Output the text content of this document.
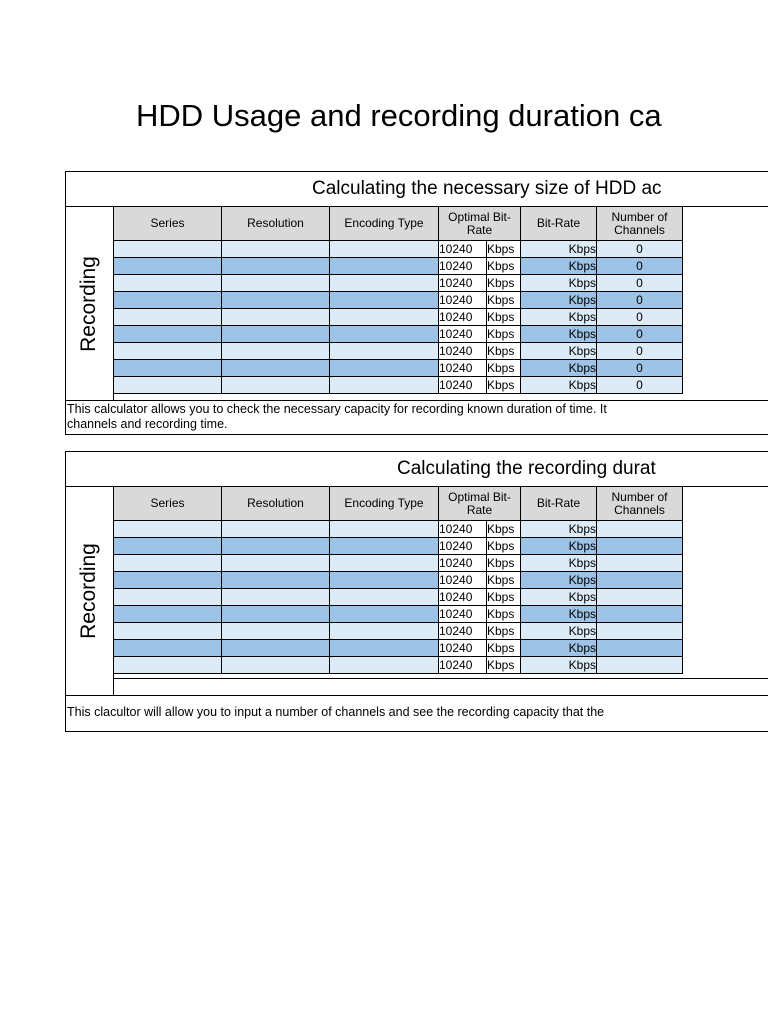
HDD Usage and recording duration ca
Calculating the necessary size of HDD ac
Recording
Series	Resolution	Encoding Type	Optimal Bit-Rate		Bit-Rate	Number of Channels
			10240	Kbps	Kbps	0
			10240	Kbps	Kbps	0
			10240	Kbps	Kbps	0
			10240	Kbps	Kbps	0
			10240	Kbps	Kbps	0
			10240	Kbps	Kbps	0
			10240	Kbps	Kbps	0
			10240	Kbps	Kbps	0
			10240	Kbps	Kbps	0
This calculator allows you to check the necessary capacity for recording known duration of time. It
channels and recording time.
Calculating the recording durat
Recording
Series	Resolution	Encoding Type	Optimal Bit-Rate		Bit-Rate	Number of Channels
			10240	Kbps	Kbps	
			10240	Kbps	Kbps	
			10240	Kbps	Kbps	
			10240	Kbps	Kbps	
			10240	Kbps	Kbps	
			10240	Kbps	Kbps	
			10240	Kbps	Kbps	
			10240	Kbps	Kbps	
			10240	Kbps	Kbps	
This clacultor will allow you to input a number of channels and see the recording capacity that the
